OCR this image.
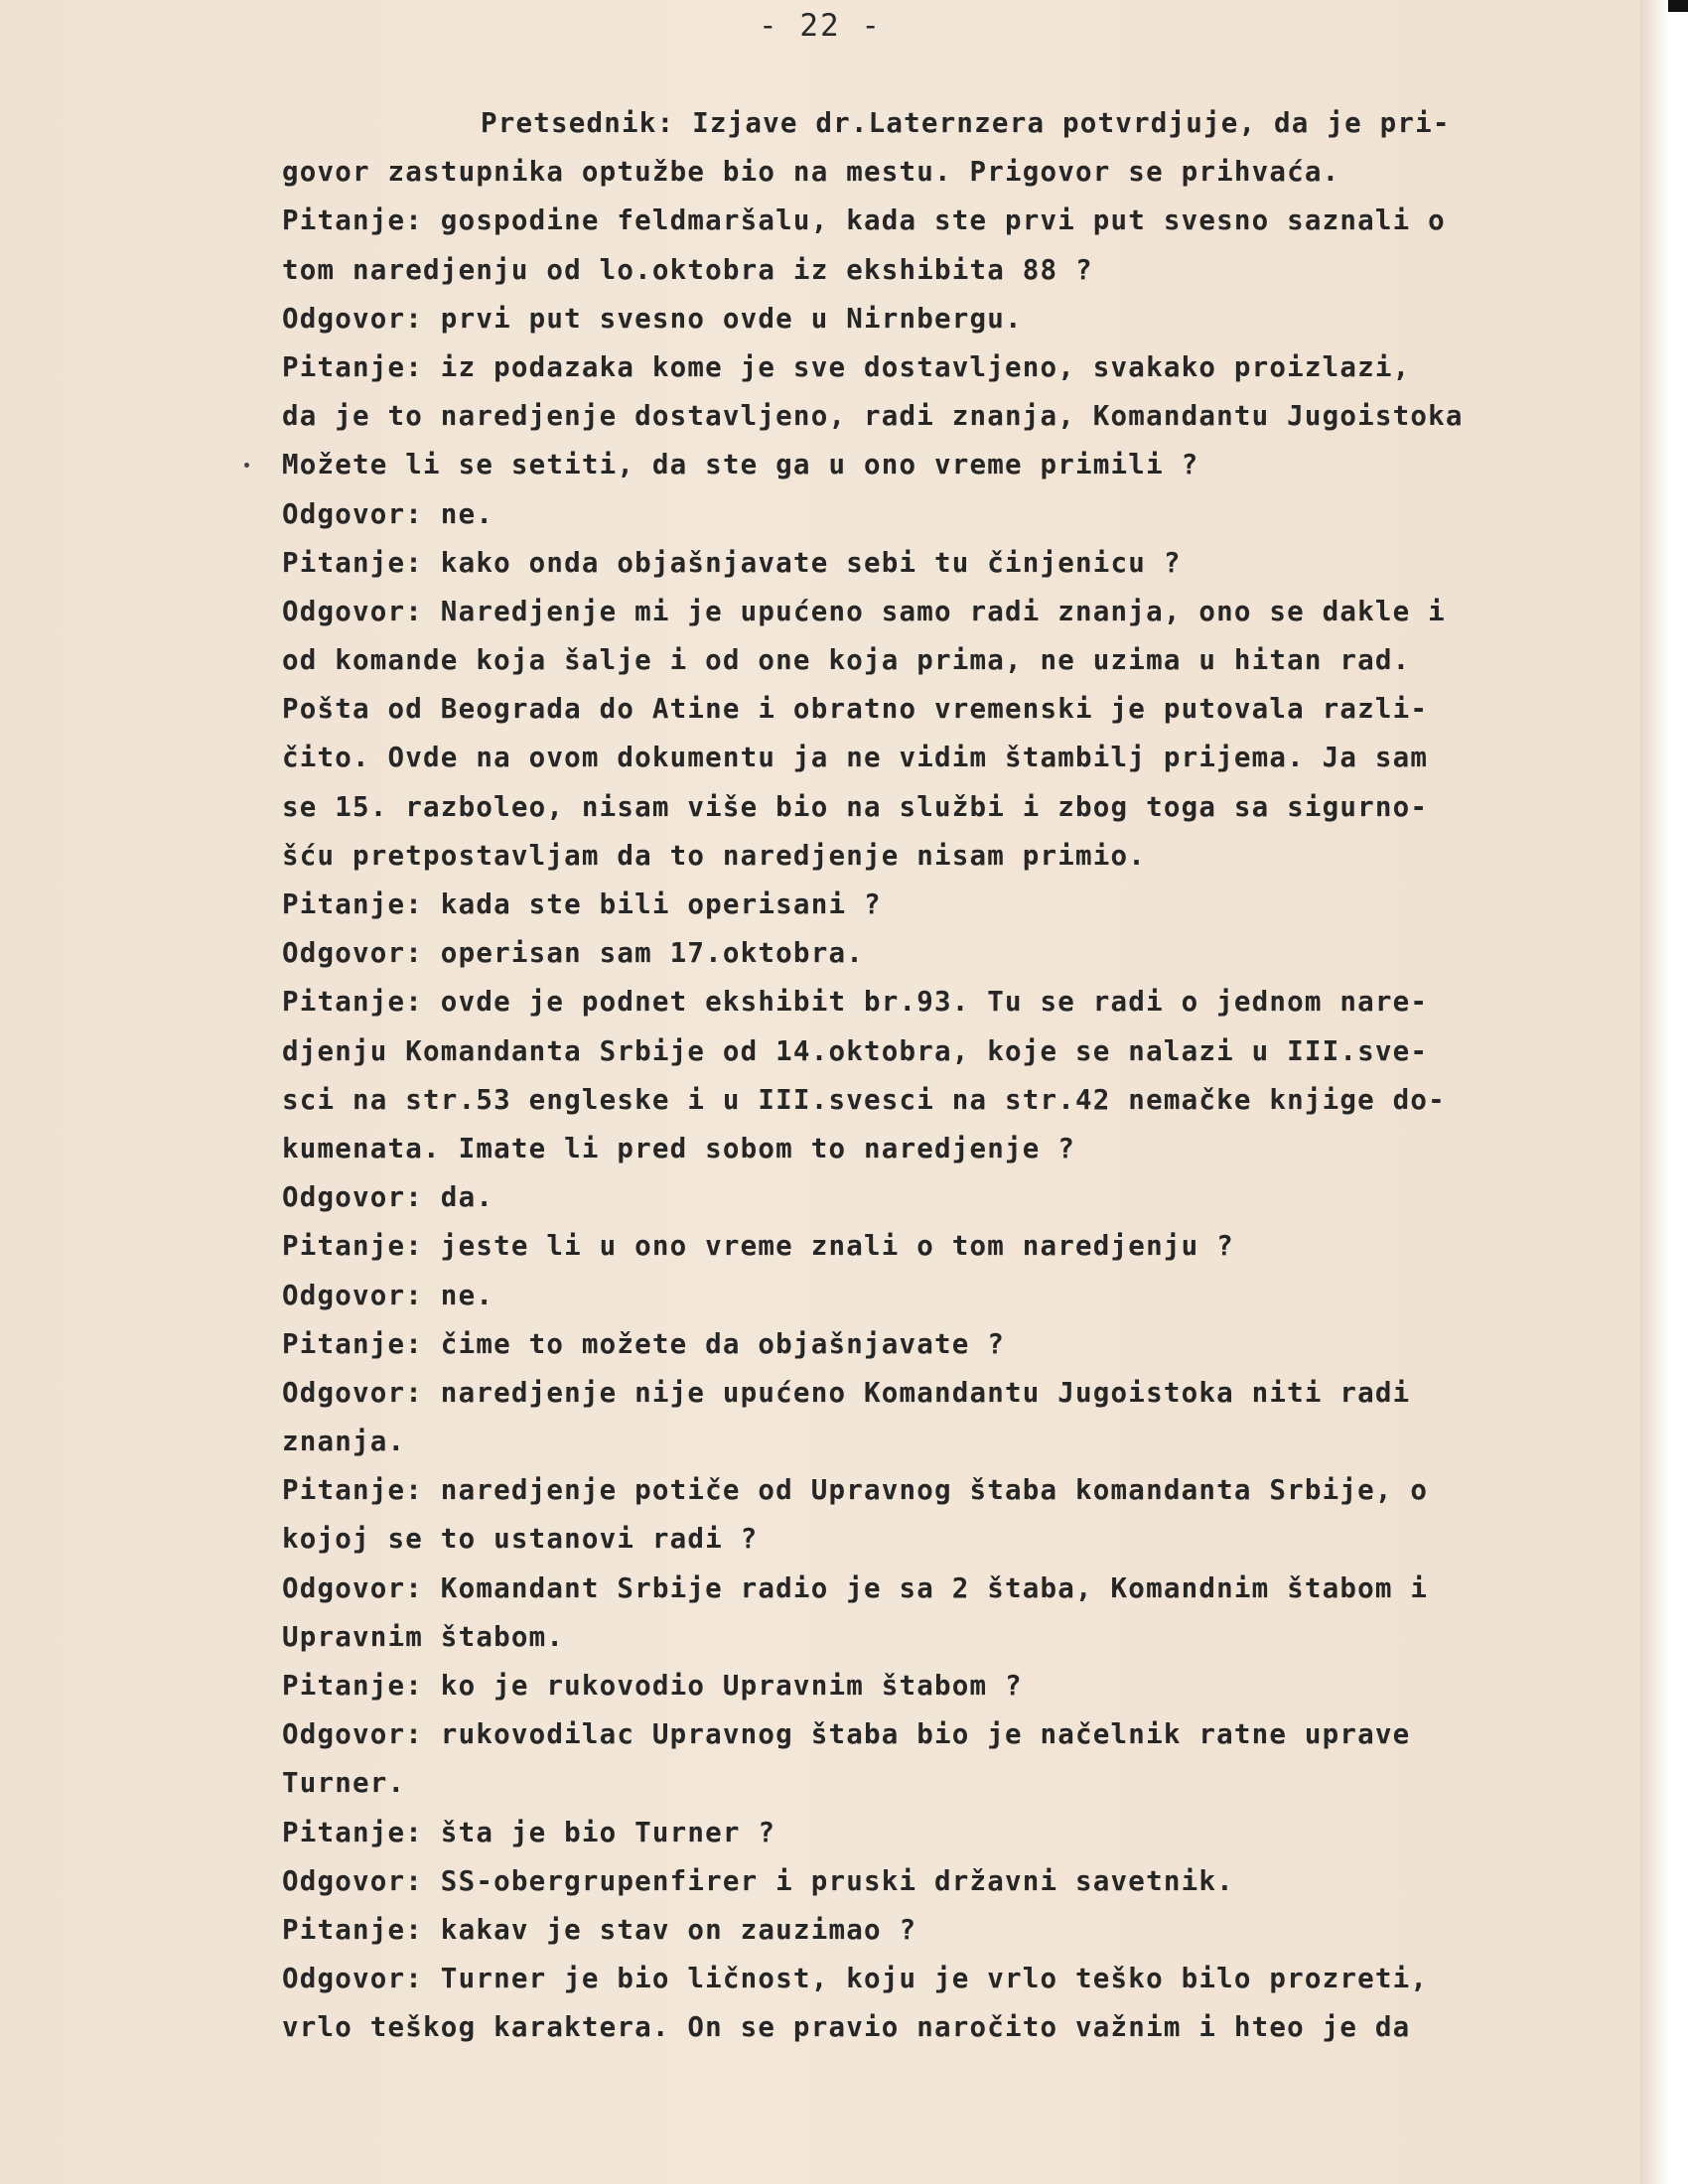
- 22 -
Pretsednik: Izjave dr.Laternzera potvrdjuje, da je pri-
govor zastupnika optužbe bio na mestu. Prigovor se prihvaća.
Pitanje: gospodine feldmaršalu, kada ste prvi put svesno saznali o
tom naredjenju od lo.oktobra iz ekshibita 88 ?
Odgovor: prvi put svesno ovde u Nirnbergu.
Pitanje: iz podazaka kome je sve dostavljeno, svakako proizlazi,
da je to naredjenje dostavljeno, radi znanja, Komandantu Jugoistoka
Možete li se setiti, da ste ga u ono vreme primili ?
Odgovor: ne.
Pitanje: kako onda objašnjavate sebi tu činjenicu ?
Odgovor: Naredjenje mi je upućeno samo radi znanja, ono se dakle i
od komande koja šalje i od one koja prima, ne uzima u hitan rad.
Pošta od Beograda do Atine i obratno vremenski je putovala razli-
čito. Ovde na ovom dokumentu ja ne vidim štambilj prijema. Ja sam
se 15. razboleo, nisam više bio na službi i zbog toga sa sigurno-
šću pretpostavljam da to naredjenje nisam primio.
Pitanje: kada ste bili operisani ?
Odgovor: operisan sam 17.oktobra.
Pitanje: ovde je podnet ekshibit br.93. Tu se radi o jednom nare-
djenju Komandanta Srbije od 14.oktobra, koje se nalazi u III.sve-
sci na str.53 engleske i u III.svesci na str.42 nemačke knjige do-
kumenata. Imate li pred sobom to naredjenje ?
Odgovor: da.
Pitanje: jeste li u ono vreme znali o tom naredjenju ?
Odgovor: ne.
Pitanje: čime to možete da objašnjavate ?
Odgovor: naredjenje nije upućeno Komandantu Jugoistoka niti radi
znanja.
Pitanje: naredjenje potiče od Upravnog štaba komandanta Srbije, o
kojoj se to ustanovi radi ?
Odgovor: Komandant Srbije radio je sa 2 štaba, Komandnim štabom i
Upravnim štabom.
Pitanje: ko je rukovodio Upravnim štabom ?
Odgovor: rukovodilac Upravnog štaba bio je načelnik ratne uprave
Turner.
Pitanje: šta je bio Turner ?
Odgovor: SS-obergrupenfirer i pruski državni savetnik.
Pitanje: kakav je stav on zauzimao ?
Odgovor: Turner je bio ličnost, koju je vrlo teško bilo prozreti,
vrlo teškog karaktera. On se pravio naročito važnim i hteo je da
